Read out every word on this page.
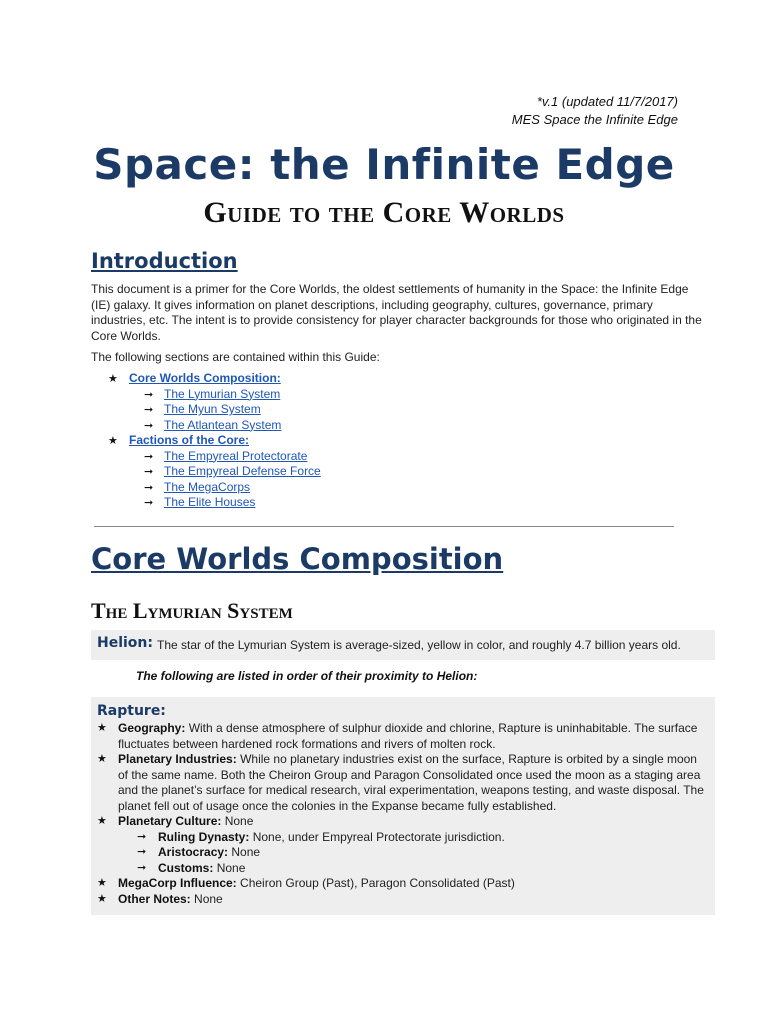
*v.1 (updated 11/7/2017)
MES Space the Infinite Edge
Space: the Infinite Edge
Guide to the Core Worlds
Introduction
This document is a primer for the Core Worlds, the oldest settlements of humanity in the Space: the Infinite Edge (IE) galaxy. It gives information on planet descriptions, including geography, cultures, governance, primary industries, etc. The intent is to provide consistency for player character backgrounds for those who originated in the Core Worlds.
The following sections are contained within this Guide:
★ Core Worlds Composition:
➞ The Lymurian System
➞ The Myun System
➞ The Atlantean System
★ Factions of the Core:
➞ The Empyreal Protectorate
➞ The Empyreal Defense Force
➞ The MegaCorps
➞ The Elite Houses
Core Worlds Composition
The Lymurian System
Helion: The star of the Lymurian System is average-sized, yellow in color, and roughly 4.7 billion years old.
The following are listed in order of their proximity to Helion:
Rapture:
★ Geography: With a dense atmosphere of sulphur dioxide and chlorine, Rapture is uninhabitable. The surface fluctuates between hardened rock formations and rivers of molten rock.
★ Planetary Industries: While no planetary industries exist on the surface, Rapture is orbited by a single moon of the same name. Both the Cheiron Group and Paragon Consolidated once used the moon as a staging area and the planet’s surface for medical research, viral experimentation, weapons testing, and waste disposal. The planet fell out of usage once the colonies in the Expanse became fully established.
★ Planetary Culture: None
➞ Ruling Dynasty: None, under Empyreal Protectorate jurisdiction.
➞ Aristocracy: None
➞ Customs: None
★ MegaCorp Influence: Cheiron Group (Past), Paragon Consolidated (Past)
★ Other Notes: None
